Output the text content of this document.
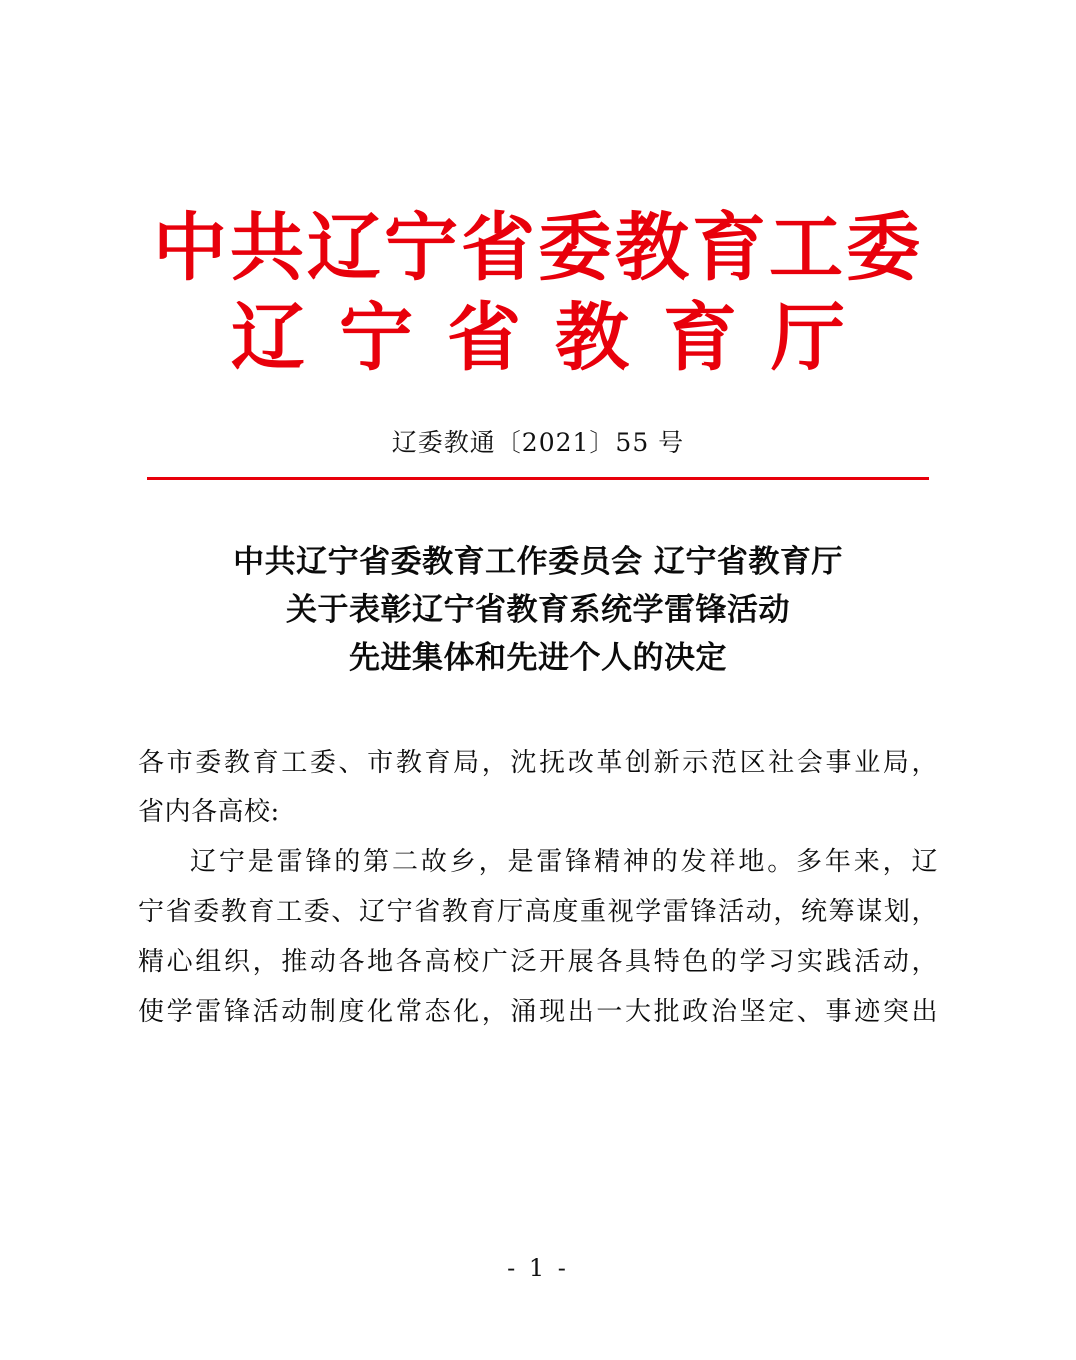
中共辽宁省委教育工委
辽宁省教育厅
辽委教通〔2021〕55 号
中共辽宁省委教育工作委员会 辽宁省教育厅
关于表彰辽宁省教育系统学雷锋活动
先进集体和先进个人的决定

各市委教育工委、市教育局，沈抚改革创新示范区社会事业局，

省内各高校:

辽宁是雷锋的第二故乡，是雷锋精神的发祥地。多年来，辽

宁省委教育工委、辽宁省教育厅高度重视学雷锋活动，统筹谋划，

精心组织，推动各地各高校广泛开展各具特色的学习实践活动，

使学雷锋活动制度化常态化，涌现出一大批政治坚定、事迹突出

- 1 -
